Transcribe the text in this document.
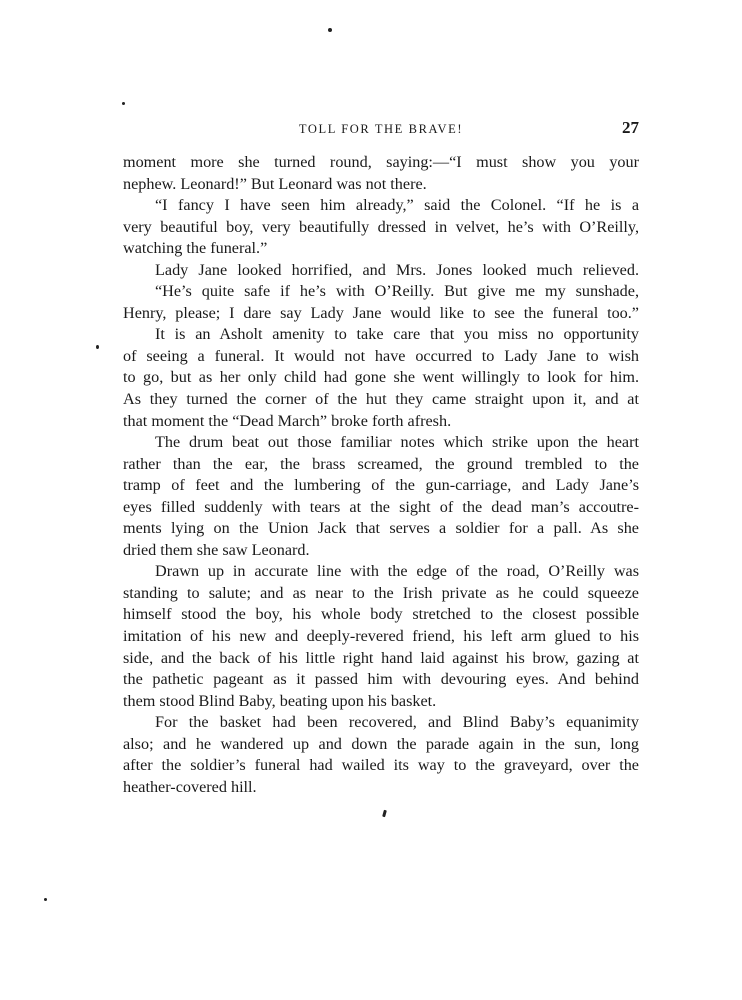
TOLL FOR THE BRAVE!	27
moment more she turned round, saying:—“I must show you your
nephew. Leonard!” But Leonard was not there.
“I fancy I have seen him already,” said the Colonel. “If he is a
very beautiful boy, very beautifully dressed in velvet, he’s with O’Reilly,
watching the funeral.”
Lady Jane looked horrified, and Mrs. Jones looked much relieved.
“He’s quite safe if he’s with O’Reilly. But give me my sunshade,
Henry, please; I dare say Lady Jane would like to see the funeral too.”
It is an Asholt amenity to take care that you miss no opportunity
of seeing a funeral. It would not have occurred to Lady Jane to wish
to go, but as her only child had gone she went willingly to look for him.
As they turned the corner of the hut they came straight upon it, and at
that moment the “Dead March” broke forth afresh.
The drum beat out those familiar notes which strike upon the heart
rather than the ear, the brass screamed, the ground trembled to the
tramp of feet and the lumbering of the gun-carriage, and Lady Jane’s
eyes filled suddenly with tears at the sight of the dead man’s accoutre-
ments lying on the Union Jack that serves a soldier for a pall. As she
dried them she saw Leonard.
Drawn up in accurate line with the edge of the road, O’Reilly was
standing to salute; and as near to the Irish private as he could squeeze
himself stood the boy, his whole body stretched to the closest possible
imitation of his new and deeply-revered friend, his left arm glued to his
side, and the back of his little right hand laid against his brow, gazing at
the pathetic pageant as it passed him with devouring eyes. And behind
them stood Blind Baby, beating upon his basket.
For the basket had been recovered, and Blind Baby’s equanimity
also; and he wandered up and down the parade again in the sun, long
after the soldier’s funeral had wailed its way to the graveyard, over the
heather-covered hill.
